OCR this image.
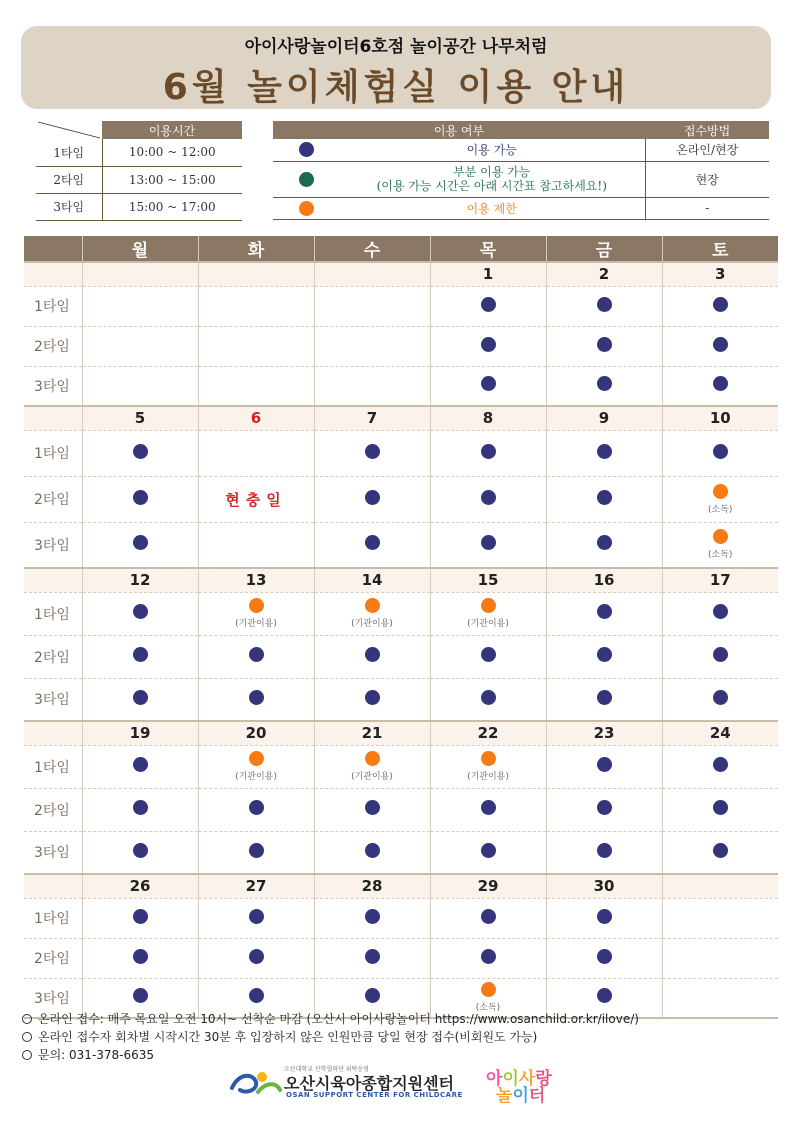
아이사랑놀이터6호점 놀이공간 나무처럼
6월 놀이체험실 이용 안내
	이용시간
1타임	10:00 ~ 12:00
2타임	13:00 ~ 15:00
3타임	15:00 ~ 17:00
이용 여부		접수방법
	이용 가능	온라인/현장

	부분 이용 가능
(이용 가능 시간은 아래 시간표 참고하세요!)	현장
	이용 제한	-
	월	화	수	목	금	토
				1	2	3
1타임						
2타임						
3타임						
	5	6	7	8	9	10
1타임						
2타임		현충일				(소독)

3타임						(소독)

	12	13	14	15	16	17
1타임		(기관이용)	(기관이용)	(기관이용)		

2타임						
3타임						
	19	20	21	22	23	24
1타임		(기관이용)	(기관이용)	(기관이용)		

2타임						
3타임						
	26	27	28	29	30	
1타임						
2타임						
3타임				(소독)		

온라인 접수: 매주 목요일 오전 10시~ 선착순 마감 (오산시 아이사랑놀이터 https://www.osanchild.or.kr/ilove/)
온라인 접수자 회차별 시작시간 30분 후 입장하지 않은 인원만큼 당일 현장 접수(비회원도 가능)
문의: 031-378-6635
오산대학교 산학협력단 위탁운영
오산시육아종합지원센터
OSAN SUPPORT CENTER FOR CHILDCARE
아이사랑
놀이터
